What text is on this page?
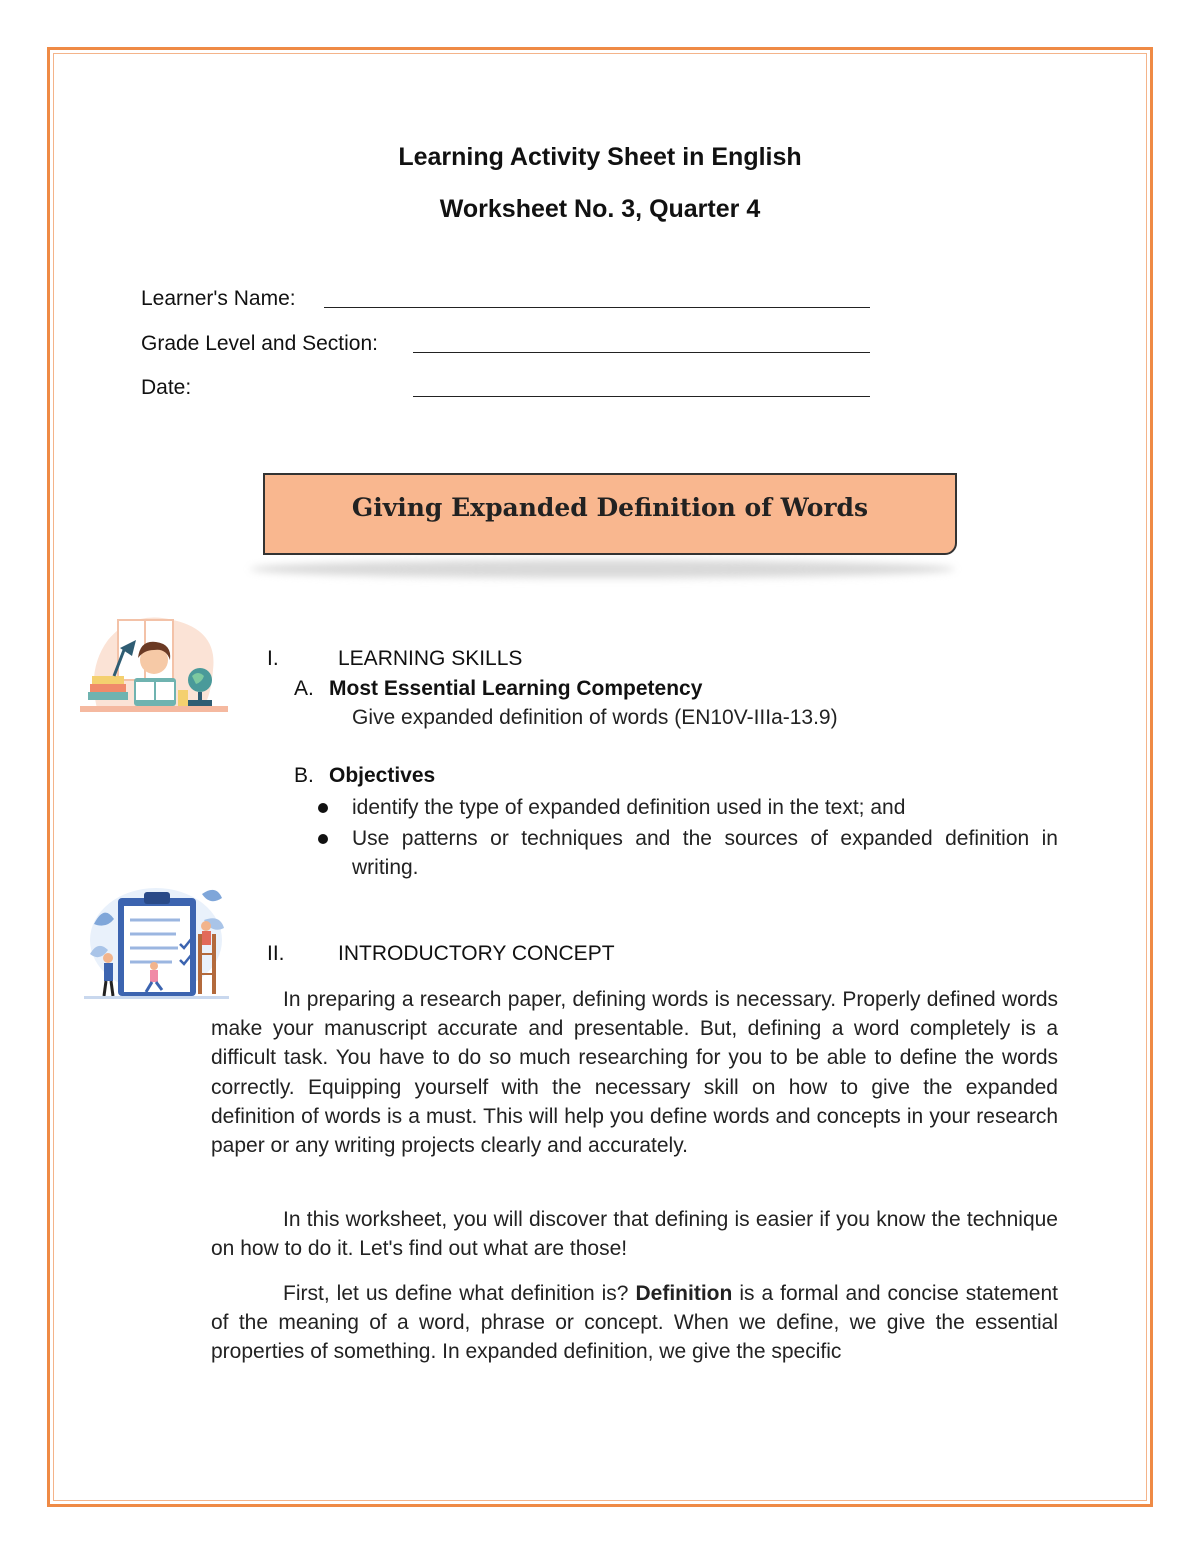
Learning Activity Sheet in English
Worksheet No. 3, Quarter 4
Learner's Name:
Grade Level and Section:
Date:
Giving Expanded Definition of Words
I.	LEARNING SKILLS
A. Most Essential Learning Competency
Give expanded definition of words (EN10V-IIIa-13.9)
B. Objectives
identify the type of expanded definition used in the text; and
Use patterns or techniques and the sources of expanded definition in writing.
II.	INTRODUCTORY CONCEPT

In preparing a research paper, defining words is necessary. Properly defined words make your manuscript accurate and presentable. But, defining a word completely is a difficult task. You have to do so much researching for you to be able to define the words correctly. Equipping yourself with the necessary skill on how to give the expanded definition of words is a must. This will help you define words and concepts in your research paper or any writing projects clearly and accurately.

In this worksheet, you will discover that defining is easier if you know the technique on how to do it. Let's find out what are those!

First, let us define what definition is? Definition is a formal and concise statement of the meaning of a word, phrase or concept. When we define, we give the essential properties of something. In expanded definition, we give the specific
